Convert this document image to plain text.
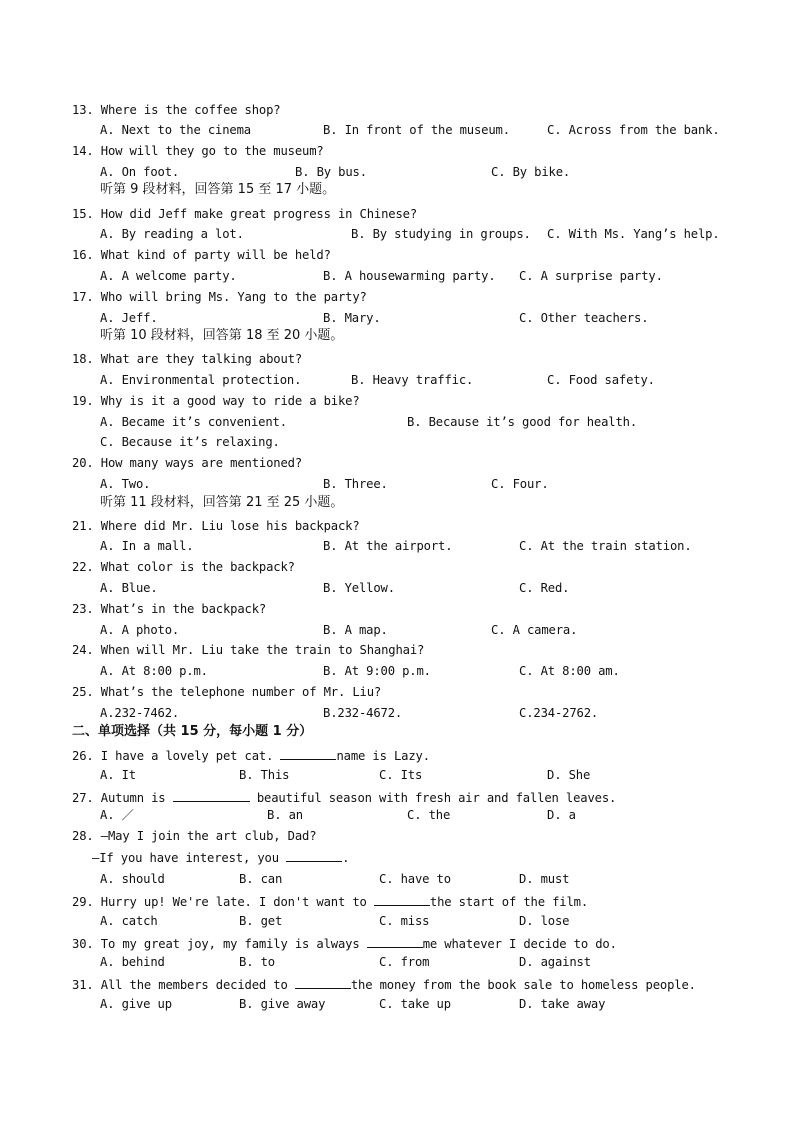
13. Where is the coffee shop?
A. Next to the cinema	B. In front of the museum.	C. Across from the bank.
14. How will they go to the museum?
A. On foot.	B. By bus.	C. By bike.
听第 9 段材料，回答第 15 至 17 小题。
15. How did Jeff make great progress in Chinese?
A. By reading a lot.	B. By studying in groups. C. With Ms. Yang’s help.
16. What kind of party will be held?
A. A welcome party.	B. A housewarming party. C. A surprise party.
17. Who will bring Ms. Yang to the party?
A. Jeff.	B. Mary.	C. Other teachers.
听第 10 段材料，回答第 18 至 20 小题。
18. What are they talking about?
A. Environmental protection.	B. Heavy traffic.	C. Food safety.
19. Why is it a good way to ride a bike?
A. Became it’s convenient.	B. Because it’s good for health.
C. Because it’s relaxing.
20. How many ways are mentioned?
A. Two.	B. Three.	C. Four.
听第 11 段材料，回答第 21 至 25 小题。
21. Where did Mr. Liu lose his backpack?
A. In a mall.	B. At the airport.	C. At the train station.
22. What color is the backpack?
A. Blue.	B. Yellow.	C. Red.
23. What’s in the backpack?
A. A photo.	B. A map.	C. A camera.
24. When will Mr. Liu take the train to Shanghai?
A. At 8:00 p.m.	B. At 9:00 p.m.	C. At 8:00 am.
25. What’s the telephone number of Mr. Liu?
A.232-7462.	B.232-4672.	C.234-2762.
二、单项选择（共 15 分，每小题 1 分）
26. I have a lovely pet cat.	name is Lazy.
A. It	B. This	C. Its	D. She
27. Autumn is	beautiful season with fresh air and fallen leaves.
A. ／	B. an	C. the	D. a
28. —May I join the art club, Dad?
—If you have interest, you	.
A. should	B. can	C. have to	D. must
29. Hurry up! We're late. I don't want to	the start of the film.
A. catch	B. get	C. miss	D. lose
30. To my great joy, my family is always	me whatever I decide to do.
A. behind	B. to	C. from	D. against
31. All the members decided to	the money from the book sale to homeless people.
A. give up	B. give away	C. take up	D. take away
